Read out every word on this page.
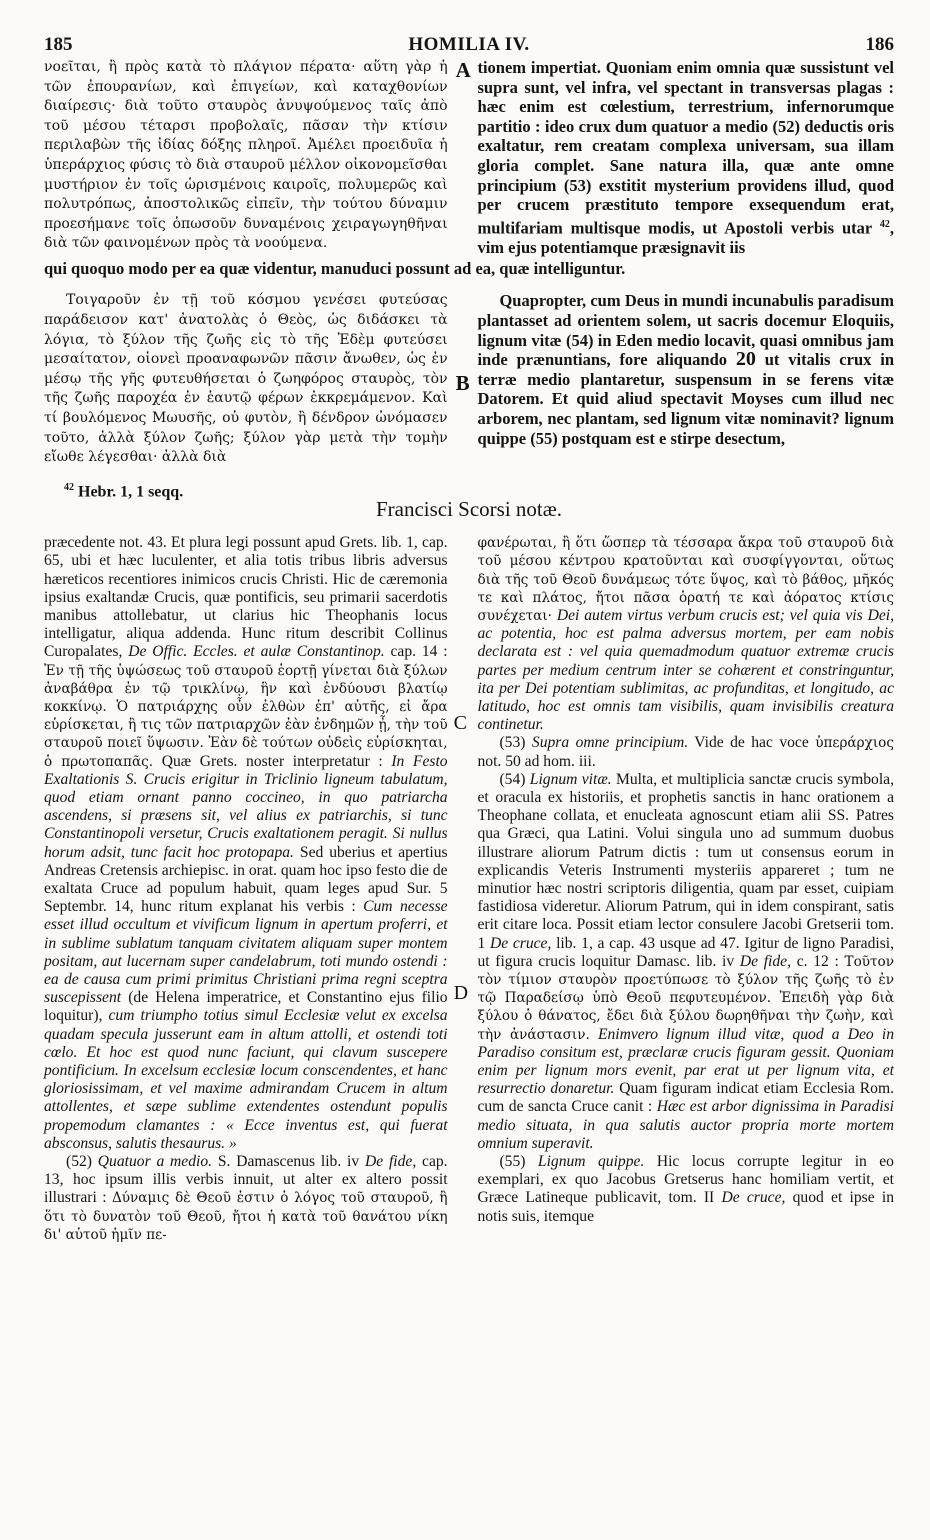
185	HOMILIA IV.	186

νοεῖται, ἢ πρὸς κατὰ τὸ πλάγιον πέρατα· αὕτη γὰρ ἡ τῶν ἐπουρανίων, καὶ ἐπιγείων, καὶ καταχθονίων διαίρεσις· διὰ τοῦτο σταυρὸς ἀνυψούμενος ταῖς ἀπὸ τοῦ μέσου τέταρσι προβολαῖς, πᾶσαν τὴν κτίσιν περιλαβὼν τῆς ἰδίας δόξης πληροῖ. Ἀμέλει προειδυῖα ἡ ὑπεράρχιος φύσις τὸ διὰ σταυροῦ μέλλον οἰκονομεῖσθαι μυστήριον ἐν τοῖς ὡρισμένοις καιροῖς, πολυμερῶς καὶ πολυτρόπως, ἀποστολικῶς εἰπεῖν, τὴν τούτου δύναμιν προεσήμανε τοῖς ὁπωσοῦν δυναμένοις χειραγωγηθῆναι διὰ τῶν φαινομένων πρὸς τὰ νοούμενα.

A tionem impertiat. Quoniam enim omnia quæ sussistunt vel supra sunt, vel infra, vel spectant in transversas plagas : hæc enim est cœlestium, terrestrium, infernorumque partitio : ideo crux dum quatuor a medio (52) deductis oris exaltatur, rem creatam complexa universam, sua illam gloria complet. Sane natura illa, quæ ante omne principium (53) exstitit mysterium providens illud, quod per crucem præstituto tempore exsequendum erat, multifariam multisque modis, ut Apostoli verbis utar $^{42}$, vim ejus potentiamque præsignavit iis

qui quoquo modo per ea quæ videntur, manuduci possunt ad ea, quæ intelliguntur.

Τοιγαροῦν ἐν τῇ τοῦ κόσμου γενέσει φυτεύσας παράδεισον κατ' ἀνατολὰς ὁ Θεὸς, ὡς διδάσκει τὰ λόγια, τὸ ξύλον τῆς ζωῆς εἰς τὸ τῆς Ἐδὲμ φυτεύσει μεσαίτατον, οἱονεὶ προαναφωνῶν πᾶσιν ἄνωθεν, ὡς ἐν μέσῳ τῆς γῆς φυτευθήσεται ὁ ζωηφόρος σταυρὸς, τὸν τῆς ζωῆς παροχέα ἐν ἑαυτῷ φέρων ἐκκρεμάμενον. Καὶ τί βουλόμενος Μωυσῆς, οὐ φυτὸν, ἢ δένδρον ὠνόμασεν τοῦτο, ἀλλὰ ξύλον ζωῆς; ξύλον γὰρ μετὰ τὴν τομὴν εἴωθε λέγεσθαι· ἀλλὰ διὰ

B

Quapropter, cum Deus in mundi incunabulis paradisum plantasset ad orientem solem, ut sacris docemur Eloquiis, lignum vitæ (54) in Eden medio locavit, quasi omnibus jam inde prænuntians, fore aliquando 20 ut vitalis crux in terræ medio plantaretur, suspensum in se ferens vitæ Datorem. Et quid aliud spectavit Moyses cum illud nec arborem, nec plantam, sed lignum vitæ nominavit? lignum quippe (55) postquam est e stirpe desectum,

$^{42}$ Hebr. 1, 1 seqq.
Francisci Scorsi notæ.

præcedente not. 43. Et plura legi possunt apud Grets. lib. 1, cap. 65, ubi et hæc luculenter, et alia totis tribus libris adversus hæreticos recentiores inimicos crucis Christi. Hic de cæremonia ipsius exaltandæ Crucis, quæ pontificis, seu primarii sacerdotis manibus attollebatur, ut clarius hic Theophanis locus intelligatur, aliqua addenda. Hunc ritum describit Collinus Curopalates, De Offic. Eccles. et aulæ Constantinop. cap. 14 : Ἐν τῇ τῆς ὑψώσεως τοῦ σταυροῦ ἑορτῇ γίνεται διὰ ξύλων ἀναβάθρα ἐν τῷ τρικλίνῳ, ἣν καὶ ἐνδύουσι βλατίῳ κοκκίνῳ. Ὁ πατριάρχης οὖν ἐλθὼν ἐπ' αὐτῆς, εἰ ἄρα εὑρίσκεται, ἢ τις τῶν πατριαρχῶν ἐὰν ἐνδημῶν ᾖ, τὴν τοῦ σταυροῦ ποιεῖ ὕψωσιν. Ἐὰν δὲ τούτων οὐδεὶς εὑρίσκηται, ὁ πρωτοπαπᾶς. Quæ Grets. noster interpretatur : In Festo Exaltationis S. Crucis erigitur in Triclinio ligneum tabulatum, quod etiam ornant panno coccineo, in quo patriarcha ascendens, si præsens sit, vel alius ex patriarchis, si tunc Constantinopoli versetur, Crucis exaltationem peragit. Si nullus horum adsit, tunc facit hoc protopapa. Sed uberius et apertius Andreas Cretensis archiepisc. in orat. quam hoc ipso festo die de exaltata Cruce ad populum habuit, quam leges apud Sur. 5 Septembr. 14, hunc ritum explanat his verbis : Cum necesse esset illud occultum et vivificum lignum in apertum proferri, et in sublime sublatum tanquam civitatem aliquam super montem positam, aut lucernam super candelabrum, toti mundo ostendi : ea de causa cum primi primitus Christiani prima regni sceptra suscepissent (de Helena imperatrice, et Constantino ejus filio loquitur), cum triumpho totius simul Ecclesiæ velut ex excelsa quadam specula jusserunt eam in altum attolli, et ostendi toti cœlo. Et hoc est quod nunc faciunt, qui clavum suscepere pontificium. In excelsum ecclesiæ locum conscendentes, et hanc gloriosissimam, et vel maxime admirandam Crucem in altum attollentes, et sæpe sublime extendentes ostendunt populis propemodum clamantes : « Ecce inventus est, qui fuerat absconsus, salutis thesaurus. »

(52) Quatuor a medio. S. Damascenus lib. iv De fide, cap. 13, hoc ipsum illis verbis innuit, ut alter ex altero possit illustrari : Δύναμις δὲ Θεοῦ ἐστιν ὁ λόγος τοῦ σταυροῦ, ἢ ὅτι τὸ δυνατὸν τοῦ Θεοῦ, ἤτοι ἡ κατὰ τοῦ θανάτου νίκη δι' αὐτοῦ ἡμῖν πε-

C
D

φανέρωται, ἢ ὅτι ὥσπερ τὰ τέσσαρα ἄκρα τοῦ σταυροῦ διὰ τοῦ μέσου κέντρου κρατοῦνται καὶ συσφίγγονται, οὕτως διὰ τῆς τοῦ Θεοῦ δυνάμεως τότε ὕψος, καὶ τὸ βάθος, μῆκός τε καὶ πλάτος, ἤτοι πᾶσα ὁρατή τε καὶ ἀόρατος κτίσις συνέχεται· Dei autem virtus verbum crucis est; vel quia vis Dei, ac potentia, hoc est palma adversus mortem, per eam nobis declarata est : vel quia quemadmodum quatuor extremæ crucis partes per medium centrum inter se cohærent et constringuntur, ita per Dei potentiam sublimitas, ac profunditas, et longitudo, ac latitudo, hoc est omnis tam visibilis, quam invisibilis creatura continetur.

(53) Supra omne principium. Vide de hac voce ὑπεράρχιος not. 50 ad hom. iii.

(54) Lignum vitæ. Multa, et multiplicia sanctæ crucis symbola, et oracula ex historiis, et prophetis sanctis in hanc orationem a Theophane collata, et enucleata agnoscunt etiam alii SS. Patres qua Græci, qua Latini. Volui singula uno ad summum duobus illustrare aliorum Patrum dictis : tum ut consensus eorum in explicandis Veteris Instrumenti mysteriis appareret ; tum ne minutior hæc nostri scriptoris diligentia, quam par esset, cuipiam fastidiosa videretur. Aliorum Patrum, qui in idem conspirant, satis erit citare loca. Possit etiam lector consulere Jacobi Gretserii tom. 1 De cruce, lib. 1, a cap. 43 usque ad 47. Igitur de ligno Paradisi, ut figura crucis loquitur Damasc. lib. iv De fide, c. 12 : Τοῦτον τὸν τίμιον σταυρὸν προετύπωσε τὸ ξύλον τῆς ζωῆς τὸ ἐν τῷ Παραδείσῳ ὑπὸ Θεοῦ πεφυτευμένον. Ἐπειδὴ γὰρ διὰ ξύλου ὁ θάνατος, ἔδει διὰ ξύλου δωρηθῆναι τὴν ζωὴν, καὶ τὴν ἀνάστασιν. Enimvero lignum illud vitæ, quod a Deo in Paradiso consitum est, præclaræ crucis figuram gessit. Quoniam enim per lignum mors evenit, par erat ut per lignum vita, et resurrectio donaretur. Quam figuram indicat etiam Ecclesia Rom. cum de sancta Cruce canit : Hæc est arbor dignissima in Paradisi medio situata, in qua salutis auctor propria morte mortem omnium superavit.

(55) Lignum quippe. Hic locus corrupte legitur in eo exemplari, ex quo Jacobus Gretserus hanc homiliam vertit, et Græce Latineque publicavit, tom. II De cruce, quod et ipse in notis suis, itemque
